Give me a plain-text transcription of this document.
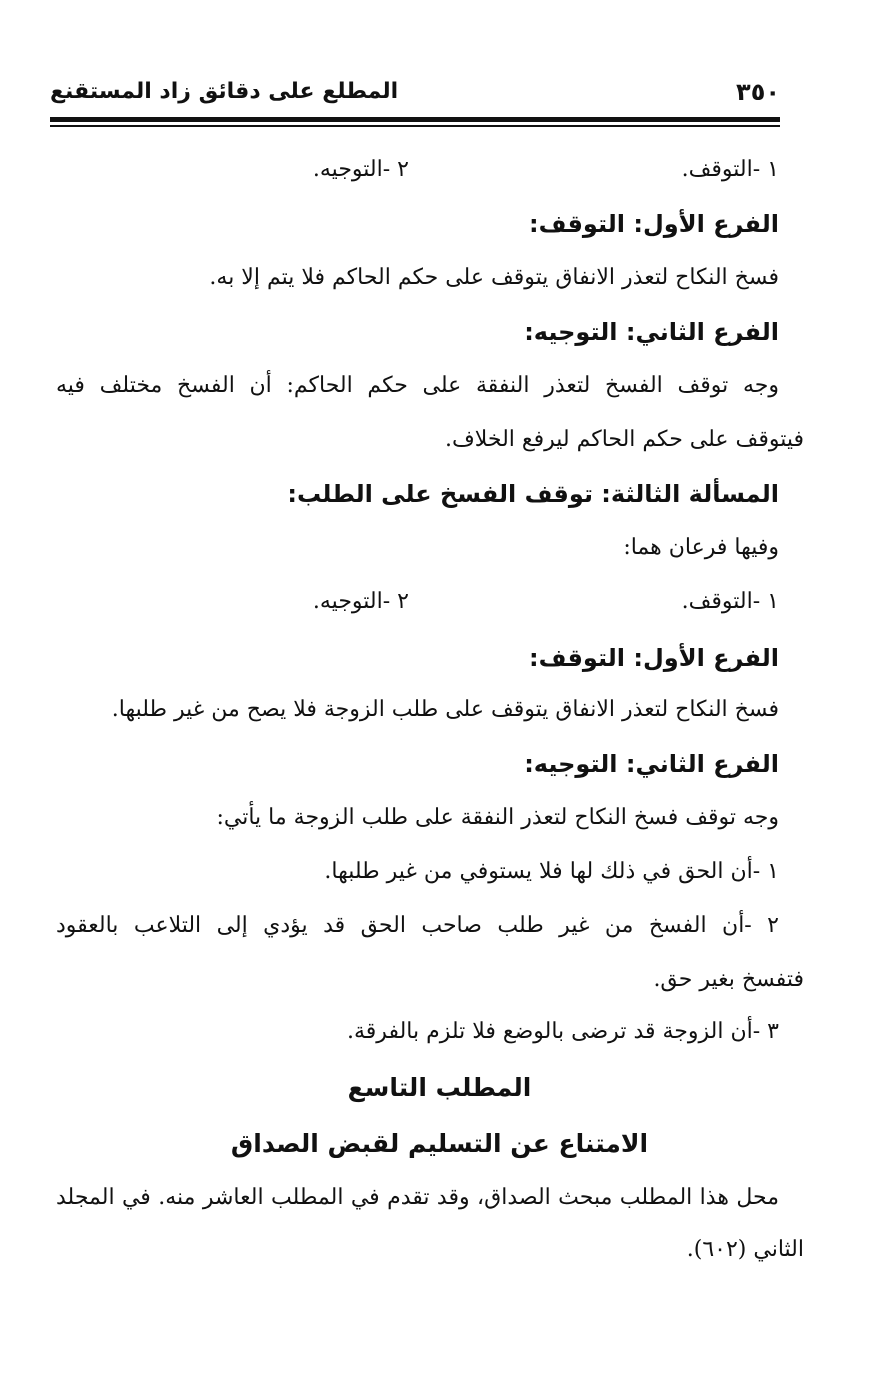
٣٥٠
المطلع على دقائق زاد المستقنع
١ -التوقف.
٢ -التوجيه.
الفرع الأول: التوقف:
فسخ النكاح لتعذر الانفاق يتوقف على حكم الحاكم فلا يتم إلا به.
الفرع الثاني: التوجيه:
وجه توقف الفسخ لتعذر النفقة على حكم الحاكم: أن الفسخ مختلف فيه
فيتوقف على حكم الحاكم ليرفع الخلاف.
المسألة الثالثة: توقف الفسخ على الطلب:
وفيها فرعان هما:
١ -التوقف.
٢ -التوجيه.
الفرع الأول: التوقف:
فسخ النكاح لتعذر الانفاق يتوقف على طلب الزوجة فلا يصح من غير طلبها.
الفرع الثاني: التوجيه:
وجه توقف فسخ النكاح لتعذر النفقة على طلب الزوجة ما يأتي:
١ -أن الحق في ذلك لها فلا يستوفي من غير طلبها.
٢ -أن الفسخ من غير طلب صاحب الحق قد يؤدي إلى التلاعب بالعقود
فتفسخ بغير حق.
٣ -أن الزوجة قد ترضى بالوضع فلا تلزم بالفرقة.
المطلب التاسع
الامتناع عن التسليم لقبض الصداق
محل هذا المطلب مبحث الصداق، وقد تقدم في المطلب العاشر منه. في المجلد
الثاني (٦٠٢).
